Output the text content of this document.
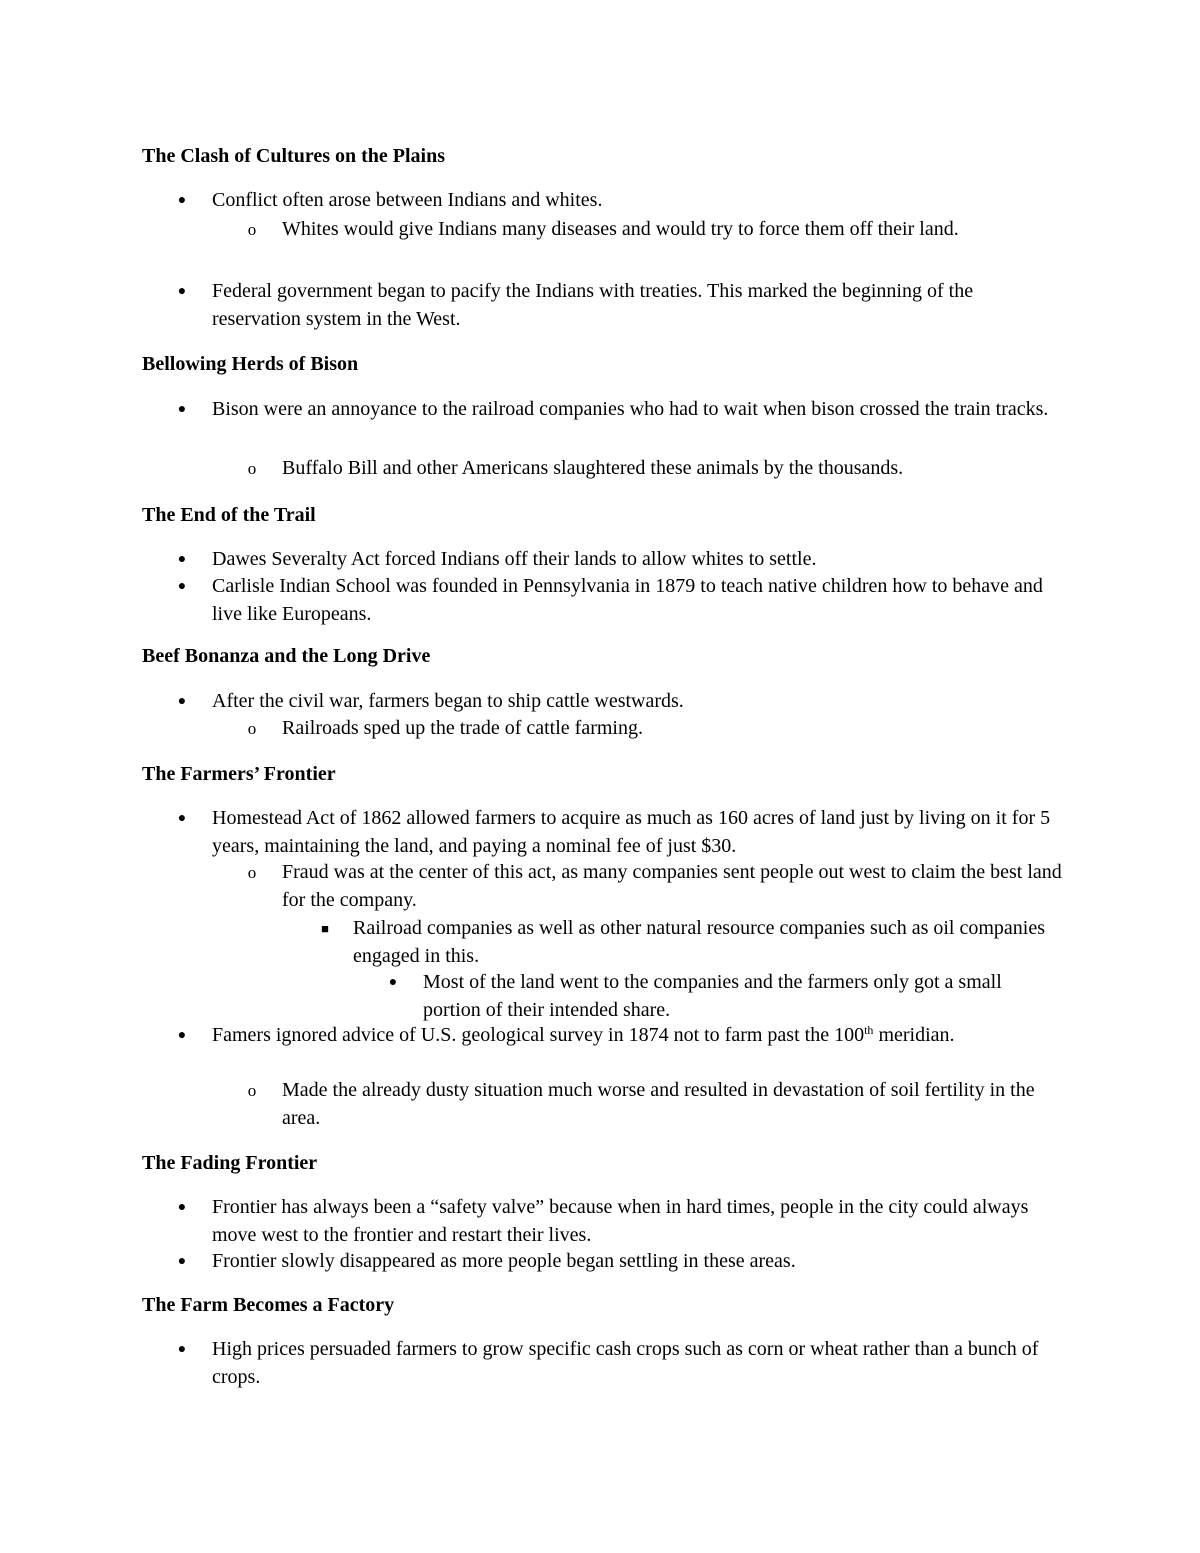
The Clash of Cultures on the Plains
● Conflict often arose between Indians and whites.
o Whites would give Indians many diseases and would try to force them off their land.
● Federal government began to pacify the Indians with treaties. This marked the beginning of the reservation system in the West.
Bellowing Herds of Bison
● Bison were an annoyance to the railroad companies who had to wait when bison crossed the train tracks.
o Buffalo Bill and other Americans slaughtered these animals by the thousands.
The End of the Trail
● Dawes Severalty Act forced Indians off their lands to allow whites to settle.
● Carlisle Indian School was founded in Pennsylvania in 1879 to teach native children how to behave and live like Europeans.
Beef Bonanza and the Long Drive
● After the civil war, farmers began to ship cattle westwards.
o Railroads sped up the trade of cattle farming.
The Farmers’ Frontier
● Homestead Act of 1862 allowed farmers to acquire as much as 160 acres of land just by living on it for 5 years, maintaining the land, and paying a nominal fee of just $30.
o Fraud was at the center of this act, as many companies sent people out west to claim the best land for the company.
■	Railroad companies as well as other natural resource companies such as oil companies engaged in this.
● Most of the land went to the companies and the farmers only got a small portion of their intended share.
● Famers ignored advice of U.S. geological survey in 1874 not to farm past the 100th meridian.
o Made the already dusty situation much worse and resulted in devastation of soil fertility in the area.
The Fading Frontier
● Frontier has always been a “safety valve” because when in hard times, people in the city could always move west to the frontier and restart their lives.
● Frontier slowly disappeared as more people began settling in these areas.
The Farm Becomes a Factory
● High prices persuaded farmers to grow specific cash crops such as corn or wheat rather than a bunch of crops.
